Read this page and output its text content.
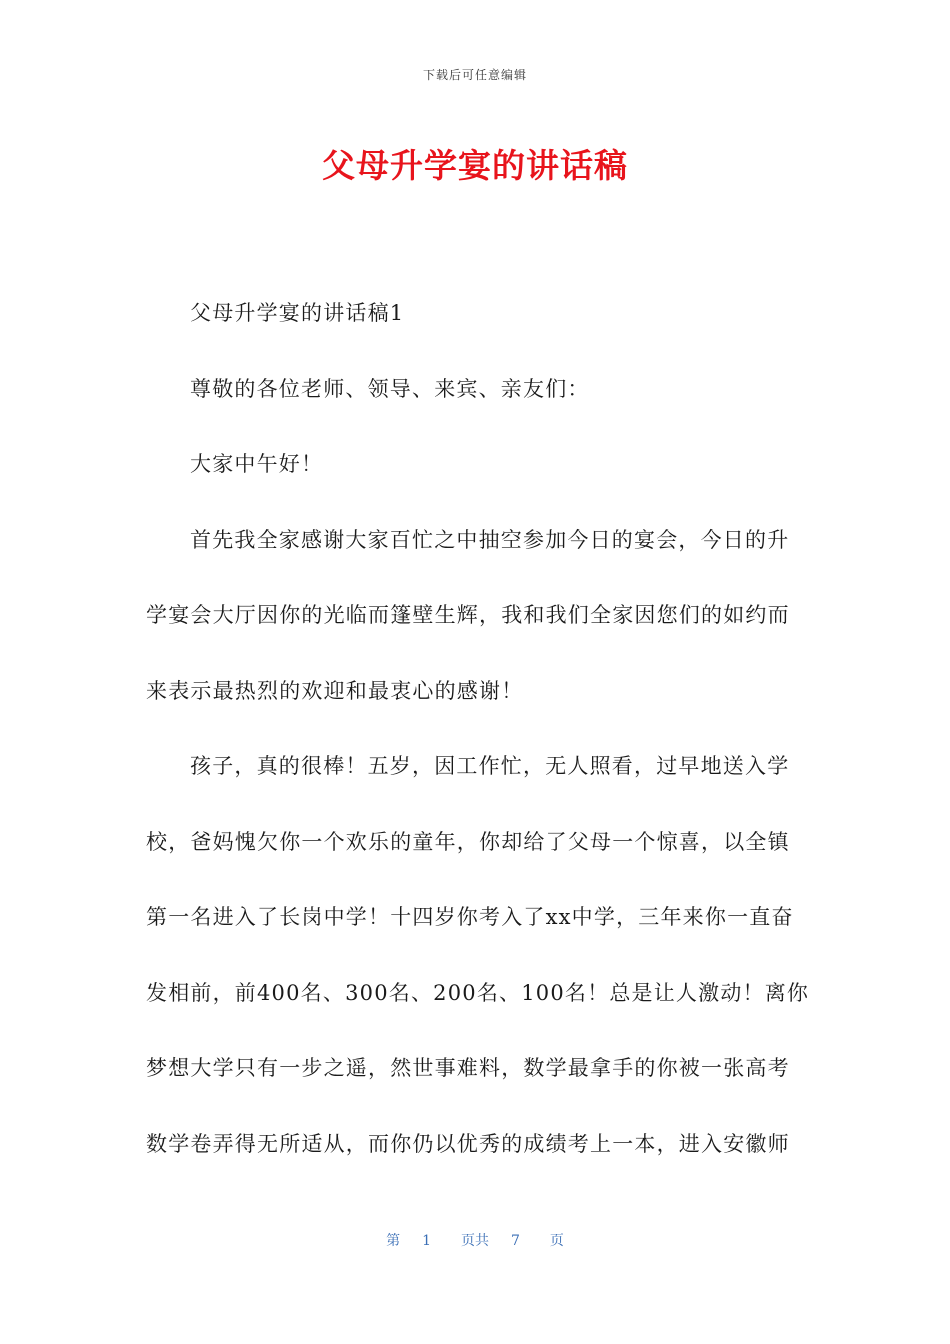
下载后可任意编辑
父母升学宴的讲话稿

父母升学宴的讲话稿1

尊敬的各位老师、领导、来宾、亲友们：

大家中午好！

首先我全家感谢大家百忙之中抽空参加今日的宴会，今日的升
学宴会大厅因你的光临而篷壁生辉，我和我们全家因您们的如约而
来表示最热烈的欢迎和最衷心的感谢！

孩子，真的很棒！五岁，因工作忙，无人照看，过早地送入学
校，爸妈愧欠你一个欢乐的童年，你却给了父母一个惊喜，以全镇
第一名进入了长岗中学！十四岁你考入了xx中学，三年来你一直奋
发相前，前400名、300名、200名、100名！总是让人激动！离你
梦想大学只有一步之遥，然世事难料，数学最拿手的你被一张高考
数学卷弄得无所适从，而你仍以优秀的成绩考上一本，进入安徽师

第 1 页共 7 页
